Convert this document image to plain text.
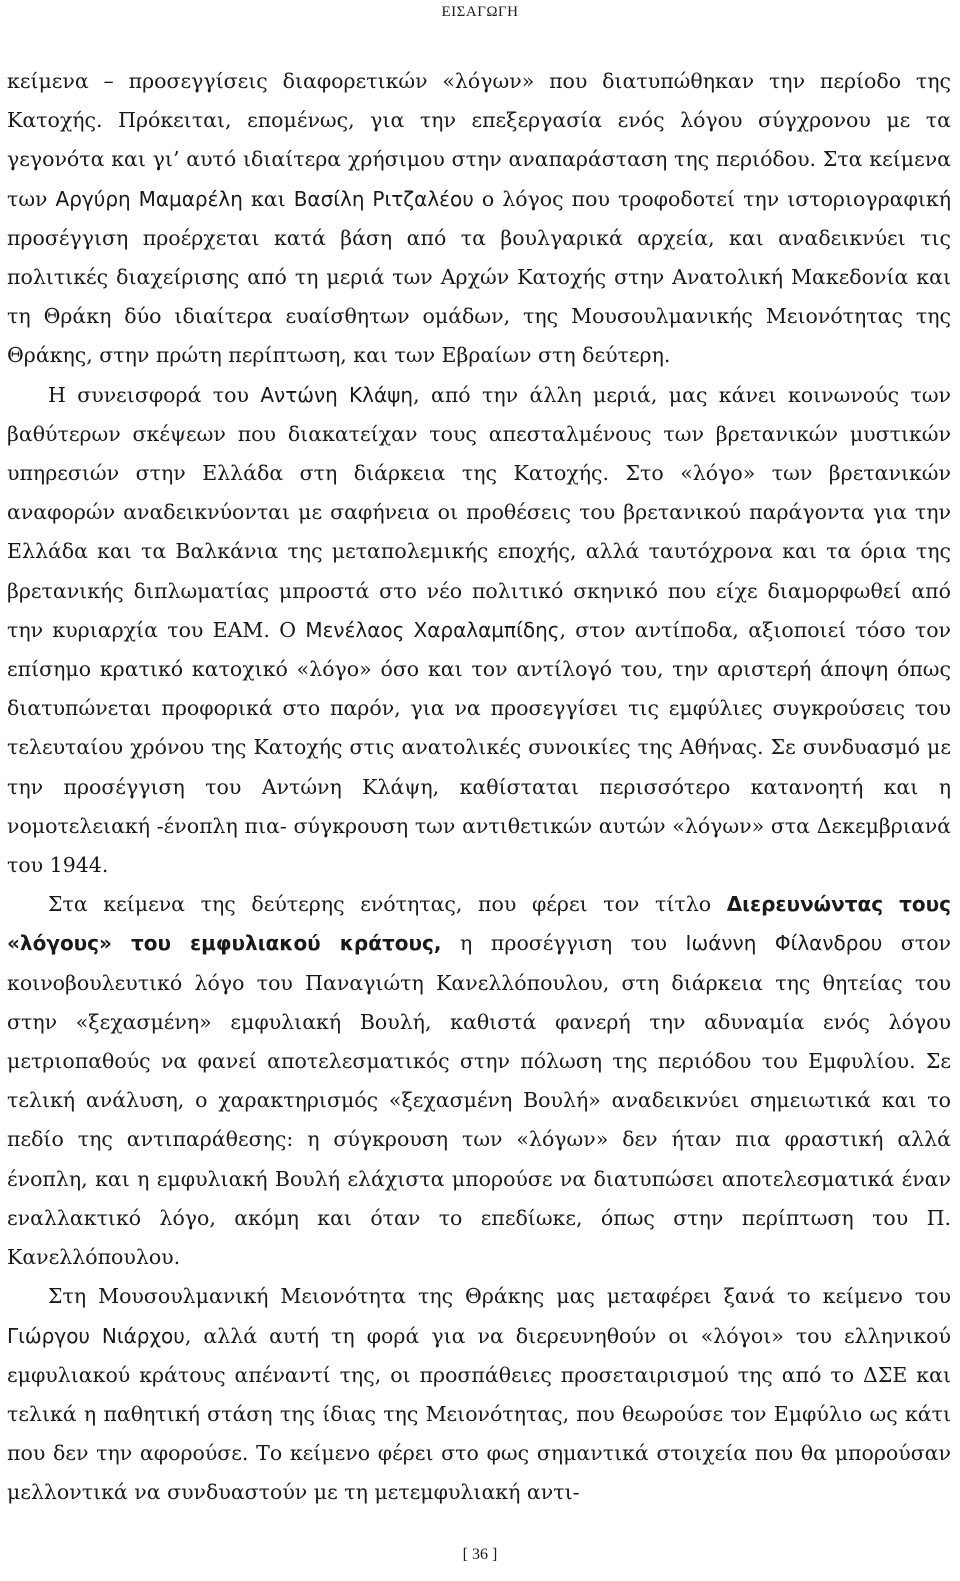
ΕΙΣΑΓΩΓΗ

κείμενα – προσεγγίσεις διαφορετικών «λόγων» που διατυπώθηκαν την περίοδο της Κατοχής. Πρόκειται, επομένως, για την επεξεργασία ενός λόγου σύγχρονου με τα γεγονότα και γι’ αυτό ιδιαίτερα χρήσιμου στην αναπαράσταση της περιόδου. Στα κείμενα των Αργύρη Μαμαρέλη και Βασίλη Ριτζαλέου ο λόγος που τροφοδοτεί την ιστοριογραφική προσέγγιση προέρχεται κατά βάση από τα βουλγαρικά αρχεία, και αναδεικνύει τις πολιτικές διαχείρισης από τη μεριά των Αρχών Κατοχής στην Ανατολική Μακεδονία και τη Θράκη δύο ιδιαίτερα ευαίσθητων ομάδων, της Μουσουλμανικής Μειονότητας της Θράκης, στην πρώτη περίπτωση, και των Εβραίων στη δεύτερη.

Η συνεισφορά του Αντώνη Κλάψη, από την άλλη μεριά, μας κάνει κοινωνούς των βαθύτερων σκέψεων που διακατείχαν τους απεσταλμένους των βρετανικών μυστικών υπηρεσιών στην Ελλάδα στη διάρκεια της Κατοχής. Στο «λόγο» των βρετανικών αναφορών αναδεικνύονται με σαφήνεια οι προθέσεις του βρετανικού παράγοντα για την Ελλάδα και τα Βαλκάνια της μεταπολεμικής εποχής, αλλά ταυτόχρονα και τα όρια της βρετανικής διπλωματίας μπροστά στο νέο πολιτικό σκηνικό που είχε διαμορφωθεί από την κυριαρχία του ΕΑΜ. Ο Μενέλαος Χαραλαμπίδης, στον αντίποδα, αξιοποιεί τόσο τον επίσημο κρατικό κατοχικό «λόγο» όσο και τον αντίλογό του, την αριστερή άποψη όπως διατυπώνεται προφορικά στο παρόν, για να προσεγγίσει τις εμφύλιες συγκρούσεις του τελευταίου χρόνου της Κατοχής στις ανατολικές συνοικίες της Αθήνας. Σε συνδυασμό με την προσέγγιση του Αντώνη Κλάψη, καθίσταται περισσότερο κατανοητή και η νομοτελειακή -ένοπλη πια- σύγκρουση των αντιθετικών αυτών «λόγων» στα Δεκεμβριανά του 1944.

Στα κείμενα της δεύτερης ενότητας, που φέρει τον τίτλο Διερευνώντας τους «λόγους» του εμφυλιακού κράτους, η προσέγγιση του Ιωάννη Φίλανδρου στον κοινοβουλευτικό λόγο του Παναγιώτη Κανελλόπουλου, στη διάρκεια της θητείας του στην «ξεχασμένη» εμφυλιακή Βουλή, καθιστά φανερή την αδυναμία ενός λόγου μετριοπαθούς να φανεί αποτελεσματικός στην πόλωση της περιόδου του Εμφυλίου. Σε τελική ανάλυση, ο χαρακτηρισμός «ξεχασμένη Βουλή» αναδεικνύει σημειωτικά και το πεδίο της αντιπαράθεσης: η σύγκρουση των «λόγων» δεν ήταν πια φραστική αλλά ένοπλη, και η εμφυλιακή Βουλή ελάχιστα μπορούσε να διατυπώσει αποτελεσματικά έναν εναλλακτικό λόγο, ακόμη και όταν το επεδίωκε, όπως στην περίπτωση του Π. Κανελλόπουλου.

Στη Μουσουλμανική Μειονότητα της Θράκης μας μεταφέρει ξανά το κείμενο του Γιώργου Νιάρχου, αλλά αυτή τη φορά για να διερευνηθούν οι «λόγοι» του ελληνικού εμφυλιακού κράτους απέναντί της, οι προσπάθειες προσεταιρισμού της από το ΔΣΕ και τελικά η παθητική στάση της ίδιας της Μειονότητας, που θεωρούσε τον Εμφύλιο ως κάτι που δεν την αφορούσε. Το κείμενο φέρει στο φως σημαντικά στοιχεία που θα μπορούσαν μελλοντικά να συνδυαστούν με τη μετεμφυλιακή αντι-

[ 36 ]
